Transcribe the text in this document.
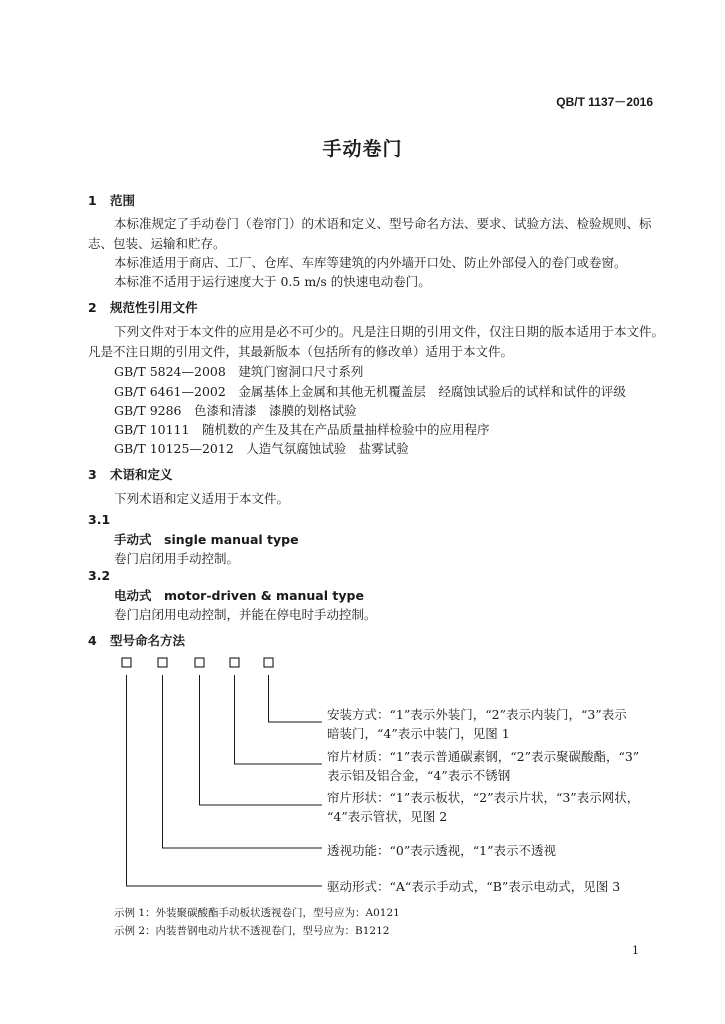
QB/T 1137－2016
手动卷门
1 范围
本标准规定了手动卷门（卷帘门）的术语和定义、型号命名方法、要求、试验方法、检验规则、标
志、包装、运输和贮存。
本标准适用于商店、工厂、仓库、车库等建筑的内外墙开口处、防止外部侵入的卷门或卷窗。
本标准不适用于运行速度大于 0.5 m/s 的快速电动卷门。
2 规范性引用文件
下列文件对于本文件的应用是必不可少的。凡是注日期的引用文件，仅注日期的版本适用于本文件。
凡是不注日期的引用文件，其最新版本（包括所有的修改单）适用于本文件。
GB/T 5824—2008　 建筑门窗洞口尺寸系列
GB/T 6461—2002　 金属基体上金属和其他无机覆盖层　经腐蚀试验后的试样和试件的评级
GB/T 9286　 色漆和清漆　漆膜的划格试验
GB/T 10111　 随机数的产生及其在产品质量抽样检验中的应用程序
GB/T 10125—2012　 人造气氛腐蚀试验　盐雾试验
3 术语和定义
下列术语和定义适用于本文件。
3.1
手动式　single manual type
卷门启闭用手动控制。
3.2
电动式　motor-driven & manual type
卷门启闭用电动控制，并能在停电时手动控制。
4 型号命名方法
安装方式：“1”表示外装门，“2”表示内装门，“3”表示
暗装门，“4”表示中装门，见图 1
帘片材质：“1”表示普通碳素钢，“2”表示聚碳酸酯，“3”
表示铝及铝合金，“4”表示不锈钢
帘片形状：“1”表示板状，“2”表示片状，“3”表示网状，
“4”表示管状，见图 2
透视功能：“0”表示透视，“1”表示不透视
驱动形式：“A“表示手动式，“B”表示电动式，见图 3
示例 1：外装聚碳酸酯手动板状透视卷门，型号应为：A0121
示例 2：内装普钢电动片状不透视卷门，型号应为：B1212
1
